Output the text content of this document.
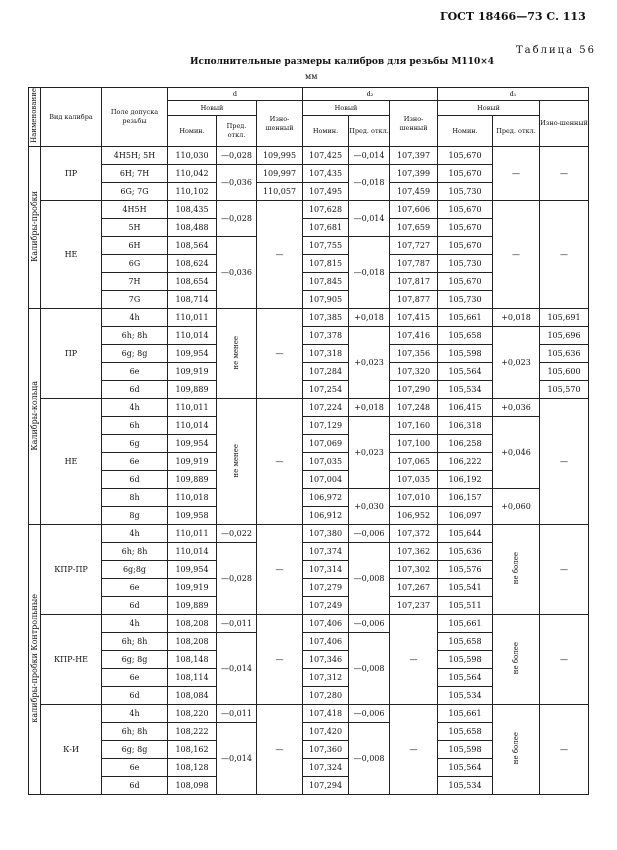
ГОСТ 18466—73 С. 113
Таблица 56
Исполнительные размеры калибров для резьбы М110×4
мм
Наименование	Вид калибра	Поле допуска резьбы	d			d₂			d₁		
			Новый		Изно-шенный	Новый		Изно-шенный	Новый		Изно-шенный
			Номин.	Пред. откл.		Номин.	Пред. откл.		Номин.	Пред. откл.	
Калибры-пробки	ПР	4Н5Н; 5Н	110,030	—0,028	109,995	107,425	—0,014	107,397	105,670	—	—
		6Н; 7Н	110,042	—0,036	109,997	107,435	—0,018	107,399	105,670		
		6G; 7G	110,102		110,057	107,495		107,459	105,730		
	НЕ	4Н5Н	108,435	—0,028	—	107,628	—0,014	107,606	105,670	—	—
		5Н	108,488			107,681		107,659	105,670		
		6Н	108,564	—0,036		107,755	—0,018	107,727	105,670		
		6G	108,624			107,815		107,787	105,730		
		7Н	108,654			107,845		107,817	105,670		
		7G	108,714			107,905		107,877	105,730		
Калибры-кольца	ПР	4h	110,011	не менее	—	107,385	+0,018	107,415	105,661	+0,018	105,691
		6h; 8h	110,014			107,378	+0,023	107,416	105,658	+0,023	105,696
		6g; 8g	109,954			107,318		107,356	105,598		105,636
		6e	109,919			107,284		107,320	105,564		105,600
		6d	109,889			107,254		107,290	105,534		105,570
	НЕ	4h	110,011	не менее	—	107,224	+0,018	107,248	106,415	+0,036	—
		6h	110,014			107,129	+0,023	107,160	106,318	+0,046	
		6g	109,954			107,069		107,100	106,258		
		6e	109,919			107,035		107,065	106,222		
		6d	109,889			107,004		107,035	106,192		
		8h	110,018			106,972	+0,030	107,010	106,157	+0,060	
		8g	109,958			106,912		106,952	106,097		
Контрольные калибры-пробки	КПР-ПР	4h	110,011	—0,022	—	107,380	—0,006	107,372	105,644	не более	—
		6h; 8h	110,014	—0,028		107,374	—0,008	107,362	105,636		
		6g;8g	109,954			107,314		107,302	105,576		
		6e	109,919			107,279		107,267	105,541		
		6d	109,889			107,249		107,237	105,511		
	КПР-НЕ	4h	108,208	—0,011	—	107,406	—0,006	—	105,661	не более	—
		6h; 8h	108,208	—0,014		107,406	—0,008		105,658		
		6g; 8g	108,148			107,346			105,598		
		6e	108,114			107,312			105,564		
		6d	108,084			107,280			105,534		
	К-И	4h	108,220	—0,011	—	107,418	—0,006	—	105,661	не более	—
		6h; 8h	108,222	—0,014		107,420	—0,008		105,658		
		6g; 8g	108,162			107,360			105,598		
		6e	108,128			107,324			105,564		
		6d	108,098			107,294			105,534		
